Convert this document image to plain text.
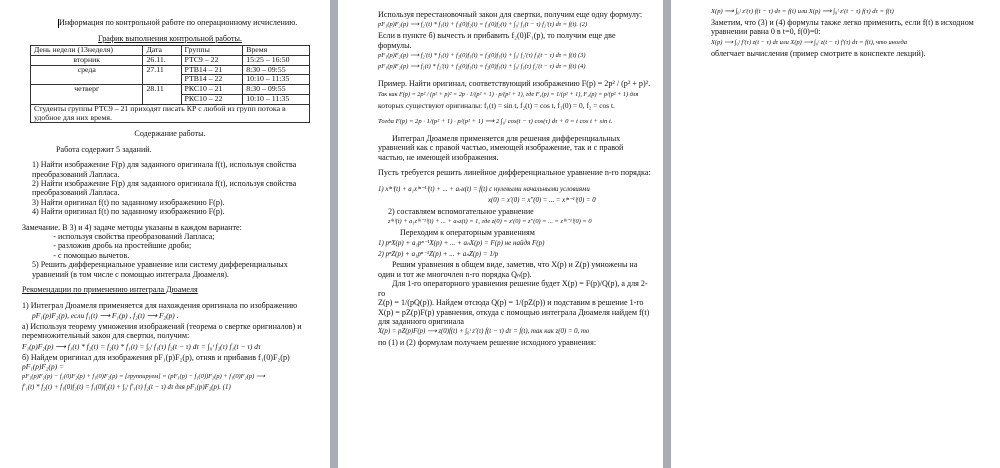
Информация по контрольной работе по операционному исчислению.

График выполнения контрольной работы.

День недели (13неделя)	Дата	Группы	Время
вторник	26.11.	РТС9 – 22	15:25 – 16:50
среда	27.11	РТВ14 – 21	8:30 – 09:55
		РТВ14 – 22	10:10 – 11:35
четверг	28.11	РКС10 – 21	8:30 – 09:55
		РКС10 – 22	10:10 – 11:35
Студенты группы РТС9 – 21 приходят писать КР с любой из групп потока в удобное для них время.			

Содержание работы.

Работа содержит 5 заданий.

1) Найти изображение F(p) для заданного оригинала f(t), используя свойства преобразований Лапласа.

2) Найти изображение F(p) для заданного оригинала f(t), используя свойства преобразований Лапласа.

3) Найти оригинал f(t) по заданному изображению F(p).

4) Найти оригинал f(t) по заданному изображению F(p).

Замечание. В 3) и 4) задаче методы указаны в каждом варианте:

- используя свойства преобразований Лапласа;
- разложив дробь на простейшие дроби;
- с помощью вычетов.

5) Решить дифференциальное уравнение или систему дифференциальных уравнений (в том числе с помощью интеграла Дюамеля).

Рекомендации по применению интеграла Дюамеля

1) Интеграл Дюамеля применяется для нахождения оригинала по изображению

pF₁(p)F₂(p), если f₁(t) ⟶ F₁(p) , f₂(t) ⟶ F₂(p) .

а) Используя теорему умножения изображений (теорема о свертке оригиналов) и перемножительный закон для свертки, получим:

F₁(p)F₂(p) ⟶ f₁(t) * f₂(t) = f₂(t) * f₁(t) = ∫₀ᵗ f₁(τ) f₂(t − τ) dτ = ∫₀ᵗ f₂(τ) f₁(t − τ) dτ

б) Найдем оригинал для изображения pF₁(p)F₂(p), отняв и прибавив f₁(0)F₂(p)

pF₁(p)F₂(p) =

pF₁(p)F₂(p) − f₁(0)F₂(p) + f₁(0)F₂(p) = [группируем] = (pF₁(p) − f₁(0))F₂(p) + f₁(0)F₂(p) ⟶

f′₁(t) * f₂(t) + f₁(0)f₂(t) = f₁(0)f₂(t) + ∫₀ᵗ f′₁(τ) f₂(t − τ) dτ для pF₁(p)F₂(p). (1)

Используя перестановочный закон для свертки, получим еще одну формулу:

pF₁(p)F₂(p) ⟶ f₂′(t) * f₁(t) + f₁(0)f₂(t) = f₁(0)f₂(t) + ∫₀ᵗ f₁(t − τ) f₂′(τ) dτ = f(t). (2)

Если в пункте б) вычесть и прибавить f₂(0)F₁(p), то получим еще две формулы.

pF₁(p)F₂(p) ⟶ f₂′(t) * f₁(t) + f₂(0)f₁(t) = f₂(0)f₁(t) + ∫₀ᵗ f₂′(τ) f₁(t − τ) dτ = f(t) (3)

pF₁(p)F₂(p) ⟶ f₁(t) * f₂′(t) + f₂(0)f₁(t) = f₂(0)f₁(t) + ∫₀ᵗ f₁(τ) f₂′(t − τ) dτ = f(t) (4)

Пример. Найти оригинал, соответствующий изображению F(p) = 2p² / (p² + p)².

Так как F(p) = 2p² / (p² + p)² = 2p · 1/(p² + 1) · p/(p² + 1), где F₁(p) = 1/(p² + 1), F₂(p) = p/(p² + 1) для

которых существуют оригиналы: f₁(t) = sin t, f₂(t) = cos t, f₁(0) = 0, f₂ = cos t.

Тогда F(p) = 2p · 1/(p² + 1) · p/(p² + 1) ⟶ 2 ∫₀ᵗ cos(t − τ) cos(τ) dτ + 0 = t cos t + sin t.

Интеграл Дюамеля применяется для решения дифференциальных уравнений как с правой частью, имеющей изображение, так и с правой частью, не имеющей изображения.

Пусть требуется решить линейное дифференциальное уравнение n-го порядка:

1) x⁽ⁿ⁾(t) + a₁x⁽ⁿ⁻¹⁾(t) + ... + aₙx(t) = f(t) с нулевыми начальными условиями

x(0) = x′(0) = x″(0) = ... = x⁽ⁿ⁻¹⁾(0) = 0

2) составляем вспомогательное уравнение

z⁽ⁿ⁾(t) + a₁z⁽ⁿ⁻¹⁾(t) + ... + aₙz(t) = 1, где z(0) = z′(0) = z″(0) = ... = z⁽ⁿ⁻¹⁾(0) = 0

Переходим к операторным уравнениям

1) pⁿX(p) + a₁pⁿ⁻¹X(p) + ... + aₙX(p) = F(p) не найдя F(p)

2) pⁿZ(p) + a₁pⁿ⁻¹Z(p) + ... + aₙZ(p) = 1/p

Решим уравнения в общем виде, заметив, что X(p) и Z(p) умножены на один и тот же многочлен n-го порядка Qₙ(p).

Для 1-го операторного уравнения решение будет X(p) = F(p)/Q(p), а для 2-го

Z(p) = 1/(pQ(p)). Найдем отсюда Q(p) = 1/(pZ(p)) и подставим в решение 1-го

X(p) = pZ(p)F(p) уравнения, откуда с помощью интеграла Дюамеля найдем f(t) для заданного оригинала

X(p) = pZ(p)F(p) ⟶ z(0)f(t) + ∫₀ᵗ z′(τ) f(t − τ) dτ = f(t), так как z(0) = 0, то

по (1) и (2) формулам получаем решение исходного уравнения:

X(p) ⟶ ∫₀ᵗ z′(τ) f(t − τ) dτ = f(t) или X(p) ⟶ ∫₀ᵗ z′(t − τ) f(τ) dτ = f(t)

Заметим, что (3) и (4) формулы также легко применить, если f(t) в исходном уравнении равна 0 в t=0, f(0)=0:

X(p) ⟶ ∫₀ᵗ f′(τ) z(t − τ) dτ или X(p) ⟶ ∫₀ᵗ z(t − τ) f′(τ) dτ = f(t), что иногда

облегчает вычисления (пример смотрите в конспекте лекций).
